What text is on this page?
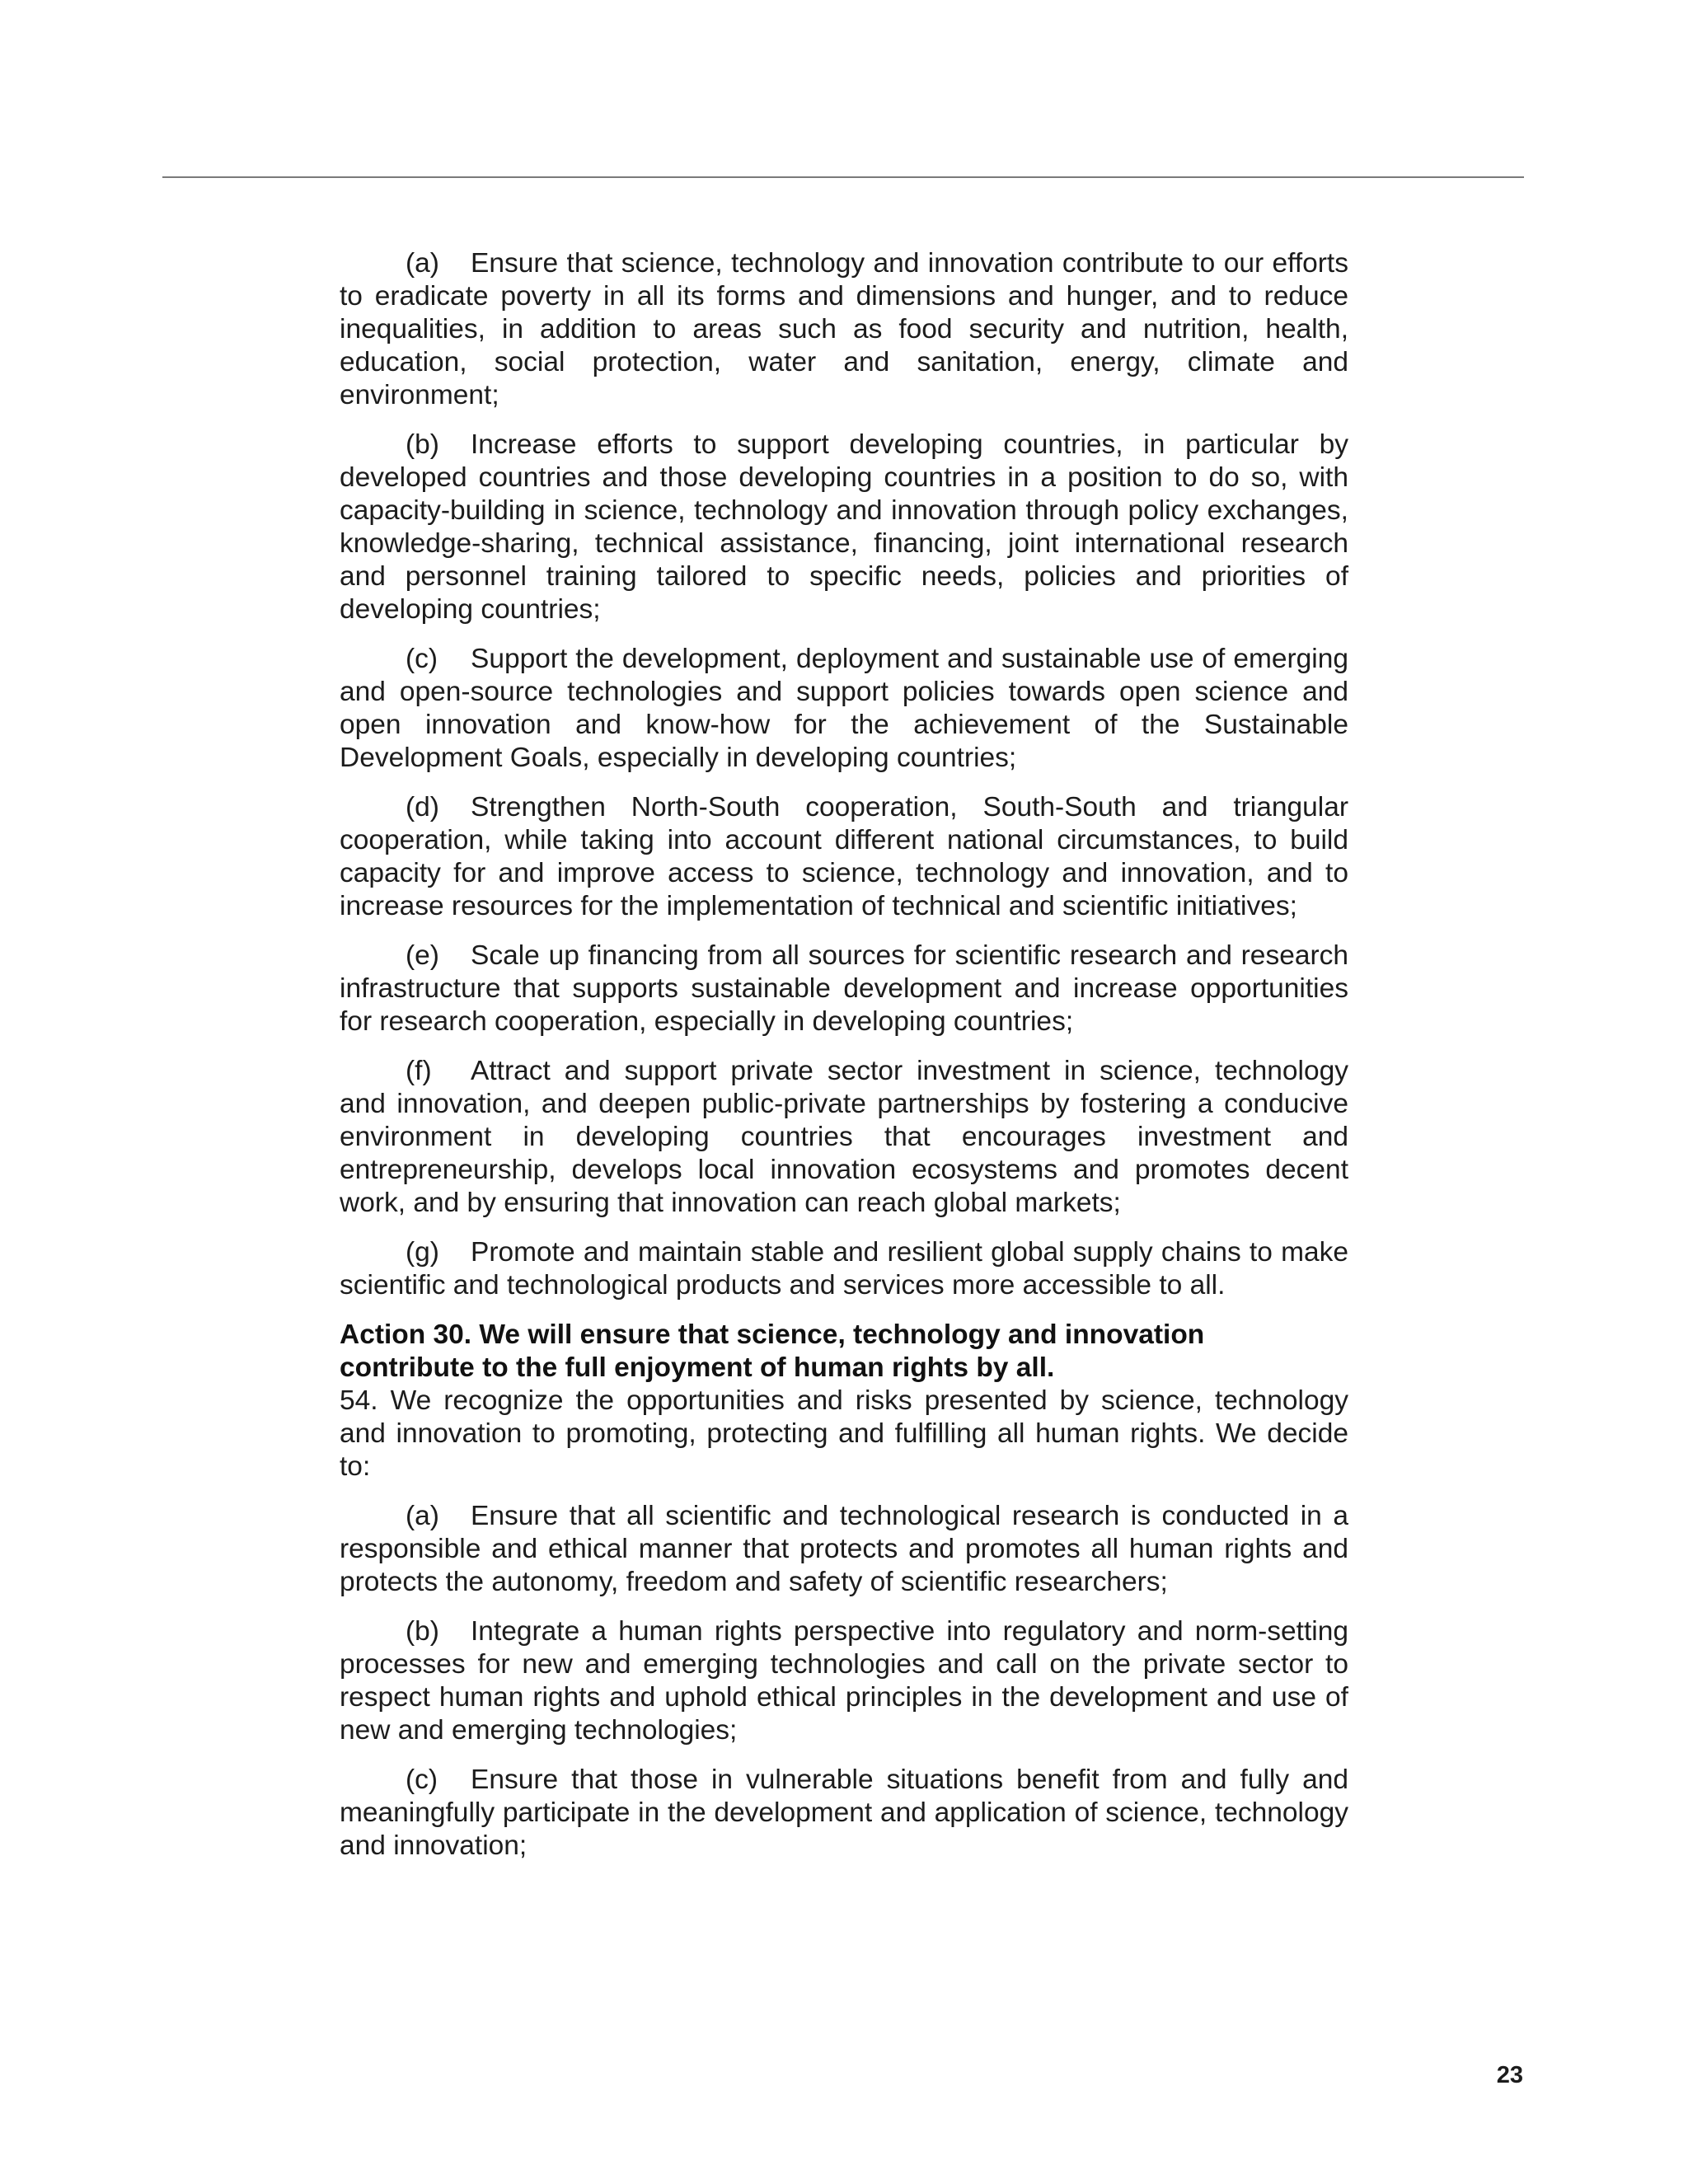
(a) Ensure that science, technology and innovation contribute to our efforts to eradicate poverty in all its forms and dimensions and hunger, and to reduce inequalities, in addition to areas such as food security and nutrition, health, education, social protection, water and sanitation, energy, climate and environment;

(b) Increase efforts to support developing countries, in particular by developed countries and those developing countries in a position to do so, with capacity-building in science, technology and innovation through policy exchanges, knowledge-sharing, technical assistance, financing, joint international research and personnel training tailored to specific needs, policies and priorities of developing countries;

(c) Support the development, deployment and sustainable use of emerging and open-source technologies and support policies towards open science and open innovation and know-how for the achievement of the Sustainable Development Goals, especially in developing countries;

(d) Strengthen North-South cooperation, South-South and triangular cooperation, while taking into account different national circumstances, to build capacity for and improve access to science, technology and innovation, and to increase resources for the implementation of technical and scientific initiatives;

(e) Scale up financing from all sources for scientific research and research infrastructure that supports sustainable development and increase opportunities for research cooperation, especially in developing countries;

(f) Attract and support private sector investment in science, technology and innovation, and deepen public-private partnerships by fostering a conducive environment in developing countries that encourages investment and entrepreneurship, develops local innovation ecosystems and promotes decent work, and by ensuring that innovation can reach global markets;

(g) Promote and maintain stable and resilient global supply chains to make scientific and technological products and services more accessible to all.

Action 30. We will ensure that science, technology and innovation

contribute to the full enjoyment of human rights by all.

54. We recognize the opportunities and risks presented by science, technology and innovation to promoting, protecting and fulfilling all human rights. We decide to:

(a) Ensure that all scientific and technological research is conducted in a responsible and ethical manner that protects and promotes all human rights and protects the autonomy, freedom and safety of scientific researchers;

(b) Integrate a human rights perspective into regulatory and norm-setting processes for new and emerging technologies and call on the private sector to respect human rights and uphold ethical principles in the development and use of new and emerging technologies;

(c) Ensure that those in vulnerable situations benefit from and fully and meaningfully participate in the development and application of science, technology and innovation;

23
